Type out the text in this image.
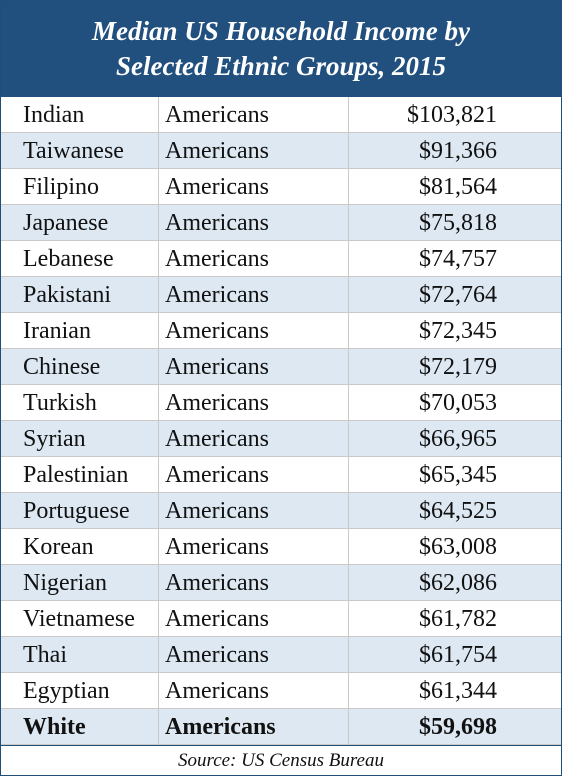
Median US Household Income by
Selected Ethnic Groups, 2015
Indian	Americans	$103,821
Taiwanese	Americans	$91,366
Filipino	Americans	$81,564
Japanese	Americans	$75,818
Lebanese	Americans	$74,757
Pakistani	Americans	$72,764
Iranian	Americans	$72,345
Chinese	Americans	$72,179
Turkish	Americans	$70,053
Syrian	Americans	$66,965
Palestinian	Americans	$65,345
Portuguese	Americans	$64,525
Korean	Americans	$63,008
Nigerian	Americans	$62,086
Vietnamese	Americans	$61,782
Thai	Americans	$61,754
Egyptian	Americans	$61,344
White	Americans	$59,698
Source: US Census Bureau
